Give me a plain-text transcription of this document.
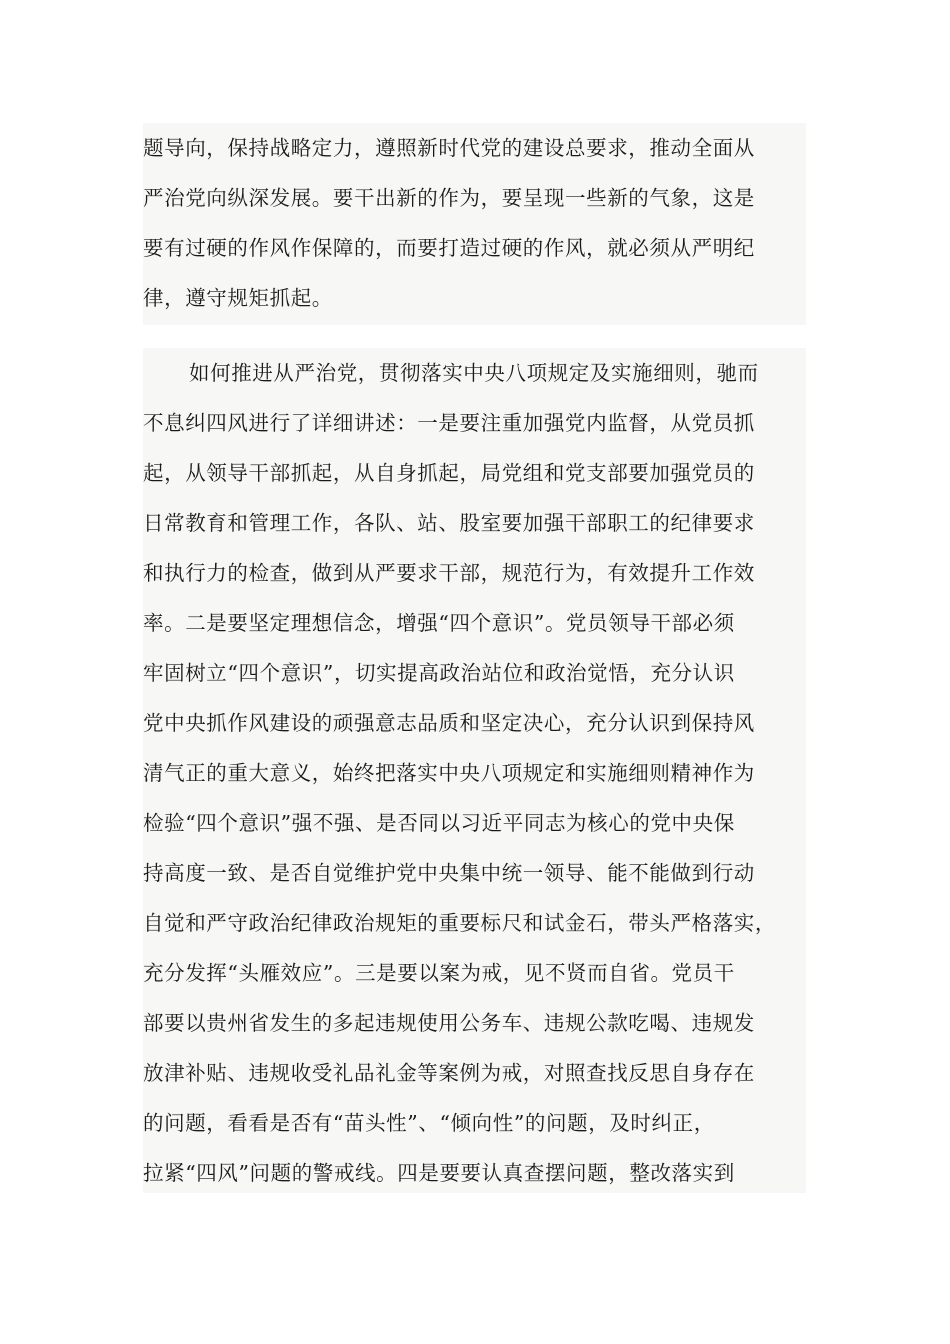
题导向，保持战略定力，遵照新时代党的建设总要求，推动全面从
严治党向纵深发展。要干出新的作为，要呈现一些新的气象，这是
要有过硬的作风作保障的，而要打造过硬的作风，就必须从严明纪
律，遵守规矩抓起。
如何推进从严治党，贯彻落实中央八项规定及实施细则，驰而
不息纠四风进行了详细讲述：一是要注重加强党内监督，从党员抓
起，从领导干部抓起，从自身抓起，局党组和党支部要加强党员的
日常教育和管理工作，各队、站、股室要加强干部职工的纪律要求
和执行力的检查，做到从严要求干部，规范行为，有效提升工作效
率。二是要坚定理想信念，增强“四个意识”。党员领导干部必须
牢固树立“四个意识”，切实提高政治站位和政治觉悟，充分认识
党中央抓作风建设的顽强意志品质和坚定决心，充分认识到保持风
清气正的重大意义，始终把落实中央八项规定和实施细则精神作为
检验“四个意识”强不强、是否同以习近平同志为核心的党中央保
持高度一致、是否自觉维护党中央集中统一领导、能不能做到行动
自觉和严守政治纪律政治规矩的重要标尺和试金石，带头严格落实，
充分发挥“头雁效应”。三是要以案为戒，见不贤而自省。党员干
部要以贵州省发生的多起违规使用公务车、违规公款吃喝、违规发
放津补贴、违规收受礼品礼金等案例为戒，对照查找反思自身存在
的问题，看看是否有“苗头性”、“倾向性”的问题，及时纠正，
拉紧“四风”问题的警戒线。四是要要认真查摆问题，整改落实到
